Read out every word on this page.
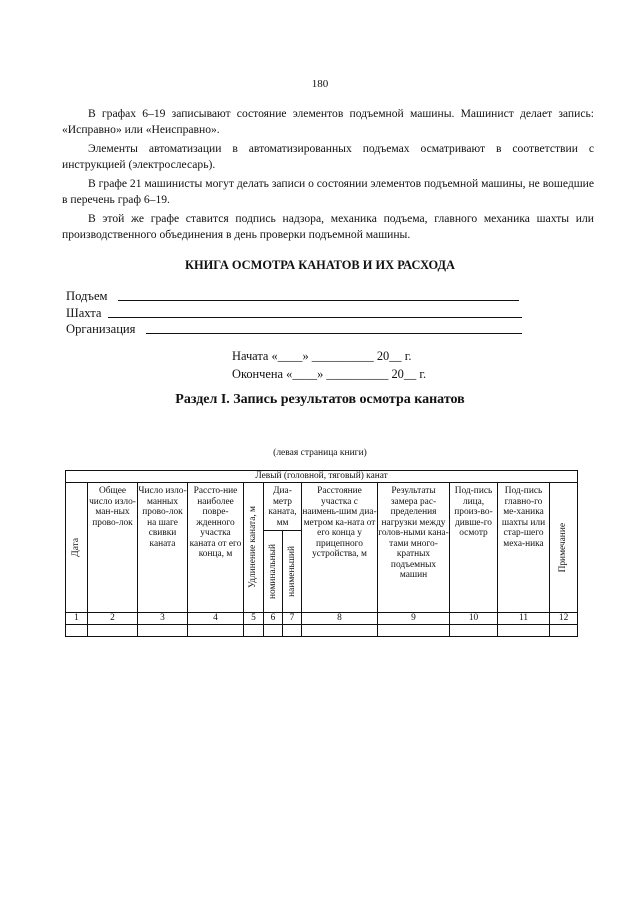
180
В графах 6–19 записывают состояние элементов подъемной машины. Машинист делает запись: «Исправно» или «Неисправно».
Элементы автоматизации в автоматизированных подъемах осматривают в соответствии с инструкцией (электрослесарь).
В графе 21 машинисты могут делать записи о состоянии элементов подъемной машины, не вошедшие в перечень граф 6–19.
В этой же графе ставится подпись надзора, механика подъема, главного механика шахты или производственного объединения в день проверки подъемной машины.
КНИГА ОСМОТРА КАНАТОВ И ИХ РАСХОДА
Подъем
Шахта
Организация
Начата «____» __________ 20__ г.
Окончена «____» __________ 20__ г.
Раздел I. Запись результатов осмотра канатов
(левая страница книги)
Левый (головной, тяговый) канат											

Дата	Общее число изло-ман-ных прово-лок	Число изло-манных прово-лок на шаге свивки каната	Рассто-ние наиболее повре-жденного участка каната от его конца, м	Удлинение каната, м	Диа-метр каната, мм		Расстояние участка с наимень-шим диа-метром ка-ната от его конца у прицепного устройства, м	Результаты замера рас-пределения нагрузки между голов-ными кана-тами много-кратных подъемных машин	Под-пись лица, произ-во-дивше-го осмотр	Под-пись главно-го ме-ханика шахты или стар-шего меха-ника	Примечание

					номинальный	наименьший					

1	2	3	4	5	6	7	8	9	10	11	12
